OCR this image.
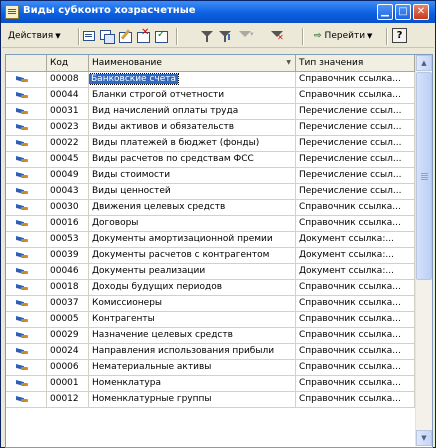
Виды субконто хозрасчетные	▁ □ ✕
Действия ▼ ✕ ✓ ▾ ✕	⇨ Перейти ▼	?
Код	Наименование ▼	Тип значения
00008	Банковские счета	Справочник ссылка...
00044	Бланки строгой отчетности	Справочник ссылка...
00031	Вид начислений оплаты труда	Перечисление ссыл...
00023	Виды активов и обязательств	Перечисление ссыл...
00022	Виды платежей в бюджет (фонды)	Перечисление ссыл...
00045	Виды расчетов по средствам ФСС	Перечисление ссыл...
00049	Виды стоимости	Перечисление ссыл...
00043	Виды ценностей	Перечисление ссыл...
00030	Движения целевых средств	Справочник ссылка...
00016	Договоры	Справочник ссылка...
00053	Документы амортизационной премии	Документ ссылка:...
00039	Документы расчетов с контрагентом	Документ ссылка:...
00046	Документы реализации	Документ ссылка:...
00018	Доходы будущих периодов	Справочник ссылка...
00037	Комиссионеры	Справочник ссылка...
00005	Контрагенты	Справочник ссылка...
00029	Назначение целевых средств	Справочник ссылка...
00024	Направления использования прибыли	Справочник ссылка...
00006	Нематериальные активы	Справочник ссылка...
00001	Номенклатура	Справочник ссылка...
00012	Номенклатурные группы	Справочник ссылка...
▲
▼
